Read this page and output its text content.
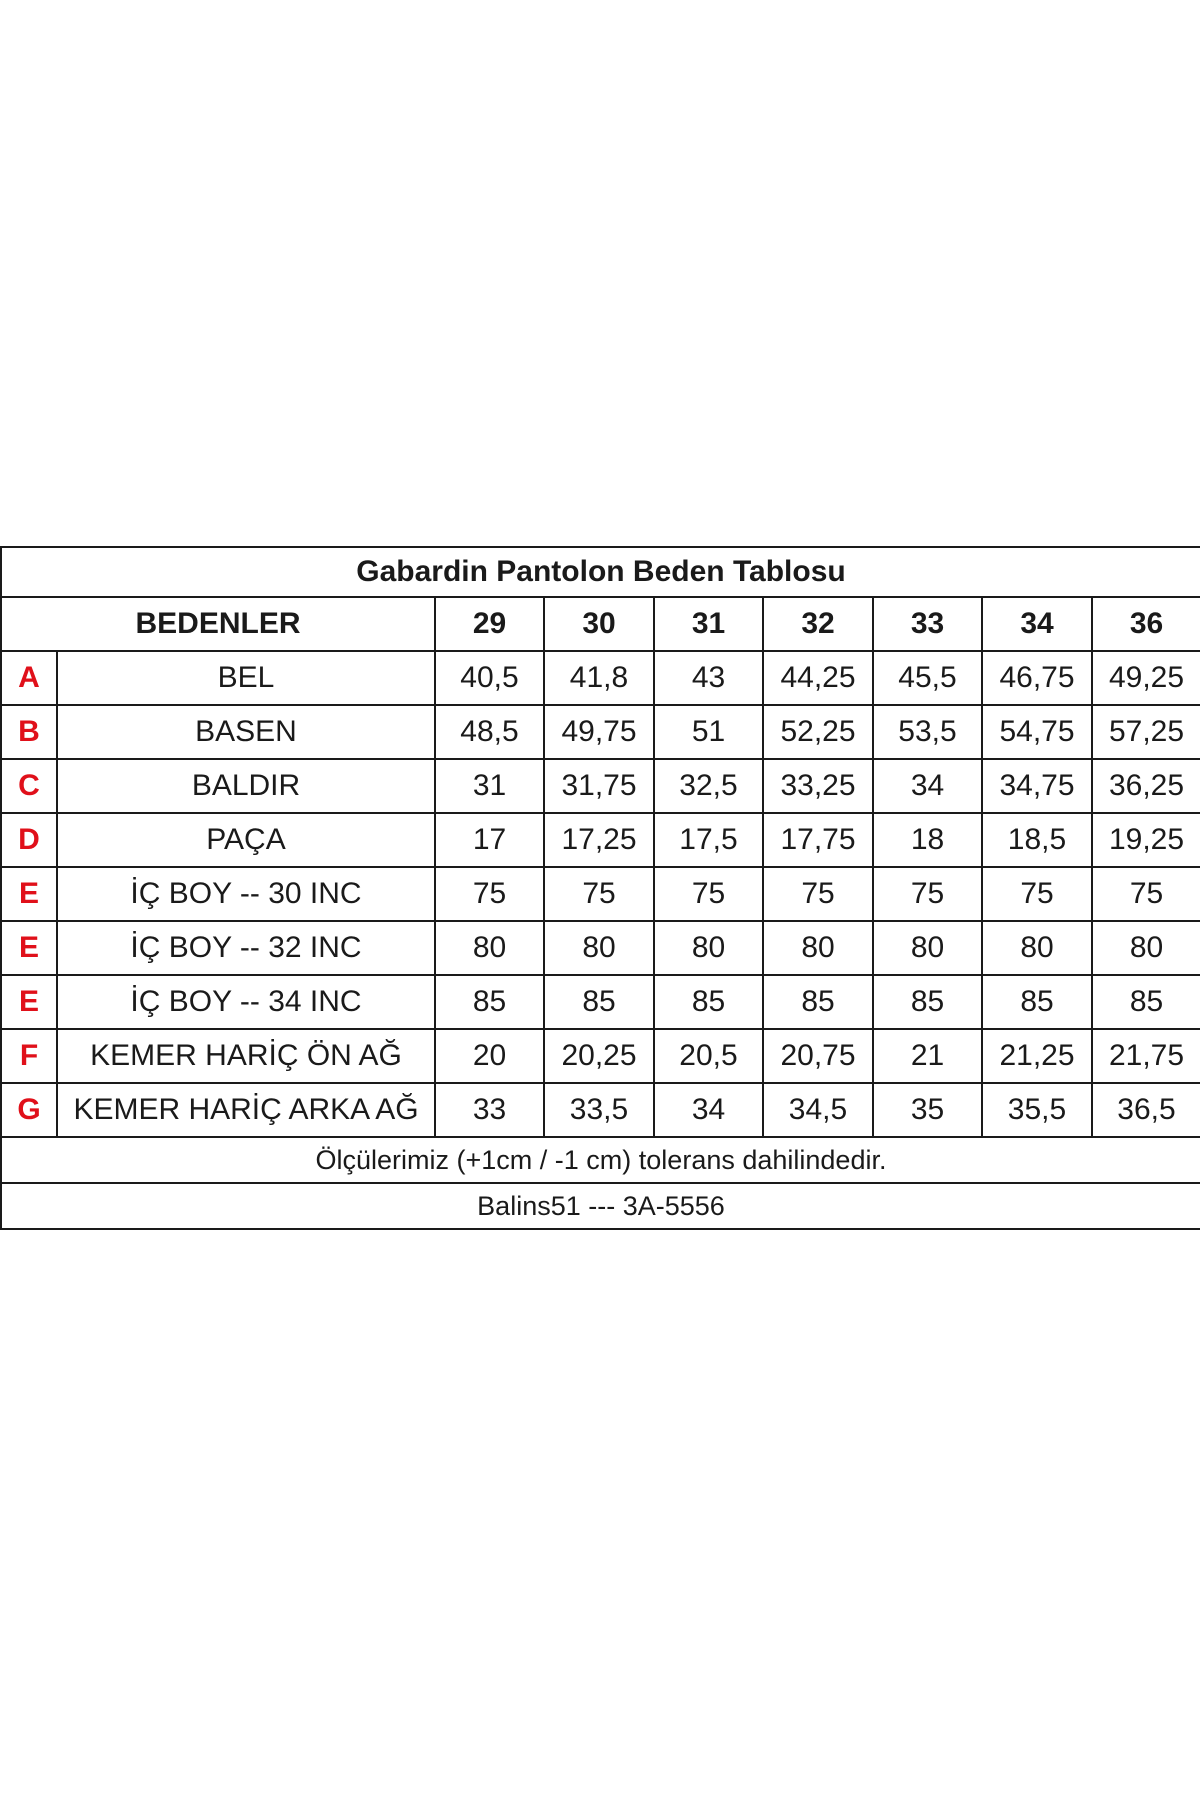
Gabardin Pantolon Beden Tablosu								
BEDENLER		29	30	31	32	33	34	36
A	BEL	40,5	41,8	43	44,25	45,5	46,75	49,25
B	BASEN	48,5	49,75	51	52,25	53,5	54,75	57,25
C	BALDIR	31	31,75	32,5	33,25	34	34,75	36,25
D	PAÇA	17	17,25	17,5	17,75	18	18,5	19,25
E	İÇ BOY -- 30 INC	75	75	75	75	75	75	75
E	İÇ BOY -- 32 INC	80	80	80	80	80	80	80
E	İÇ BOY -- 34 INC	85	85	85	85	85	85	85
F	KEMER HARİÇ ÖN AĞ	20	20,25	20,5	20,75	21	21,25	21,75
G	KEMER HARİÇ ARKA AĞ	33	33,5	34	34,5	35	35,5	36,5
Ölçülerimiz (+1cm / -1 cm) tolerans dahilindedir.								
Balins51 --- 3A-5556								
